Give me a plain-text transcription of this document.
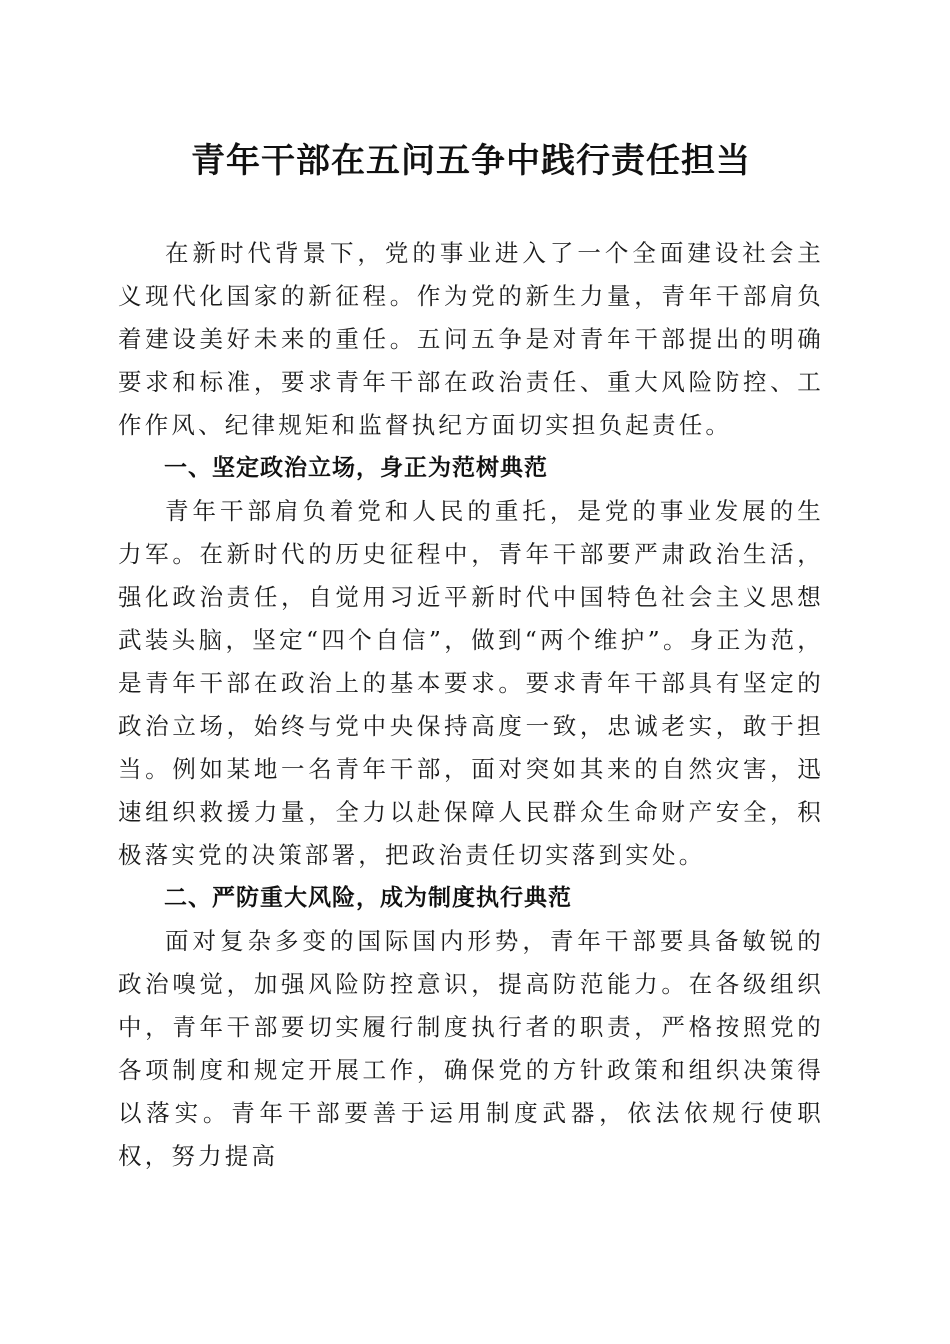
青年干部在五问五争中践行责任担当

在新时代背景下，党的事业进入了一个全面建设社会主义现代化国家的新征程。作为党的新生力量，青年干部肩负着建设美好未来的重任。五问五争是对青年干部提出的明确要求和标准，要求青年干部在政治责任、重大风险防控、工作作风、纪律规矩和监督执纪方面切实担负起责任。

一、坚定政治立场，身正为范树典范

青年干部肩负着党和人民的重托，是党的事业发展的生力军。在新时代的历史征程中，青年干部要严肃政治生活，强化政治责任，自觉用习近平新时代中国特色社会主义思想武装头脑，坚定“四个自信”，做到“两个维护”。身正为范，是青年干部在政治上的基本要求。要求青年干部具有坚定的政治立场，始终与党中央保持高度一致，忠诚老实，敢于担当。例如某地一名青年干部，面对突如其来的自然灾害，迅速组织救援力量，全力以赴保障人民群众生命财产安全，积极落实党的决策部署，把政治责任切实落到实处。

二、严防重大风险，成为制度执行典范

面对复杂多变的国际国内形势，青年干部要具备敏锐的政治嗅觉，加强风险防控意识，提高防范能力。在各级组织中，青年干部要切实履行制度执行者的职责，严格按照党的各项制度和规定开展工作，确保党的方针政策和组织决策得以落实。青年干部要善于运用制度武器，依法依规行使职权，努力提高
